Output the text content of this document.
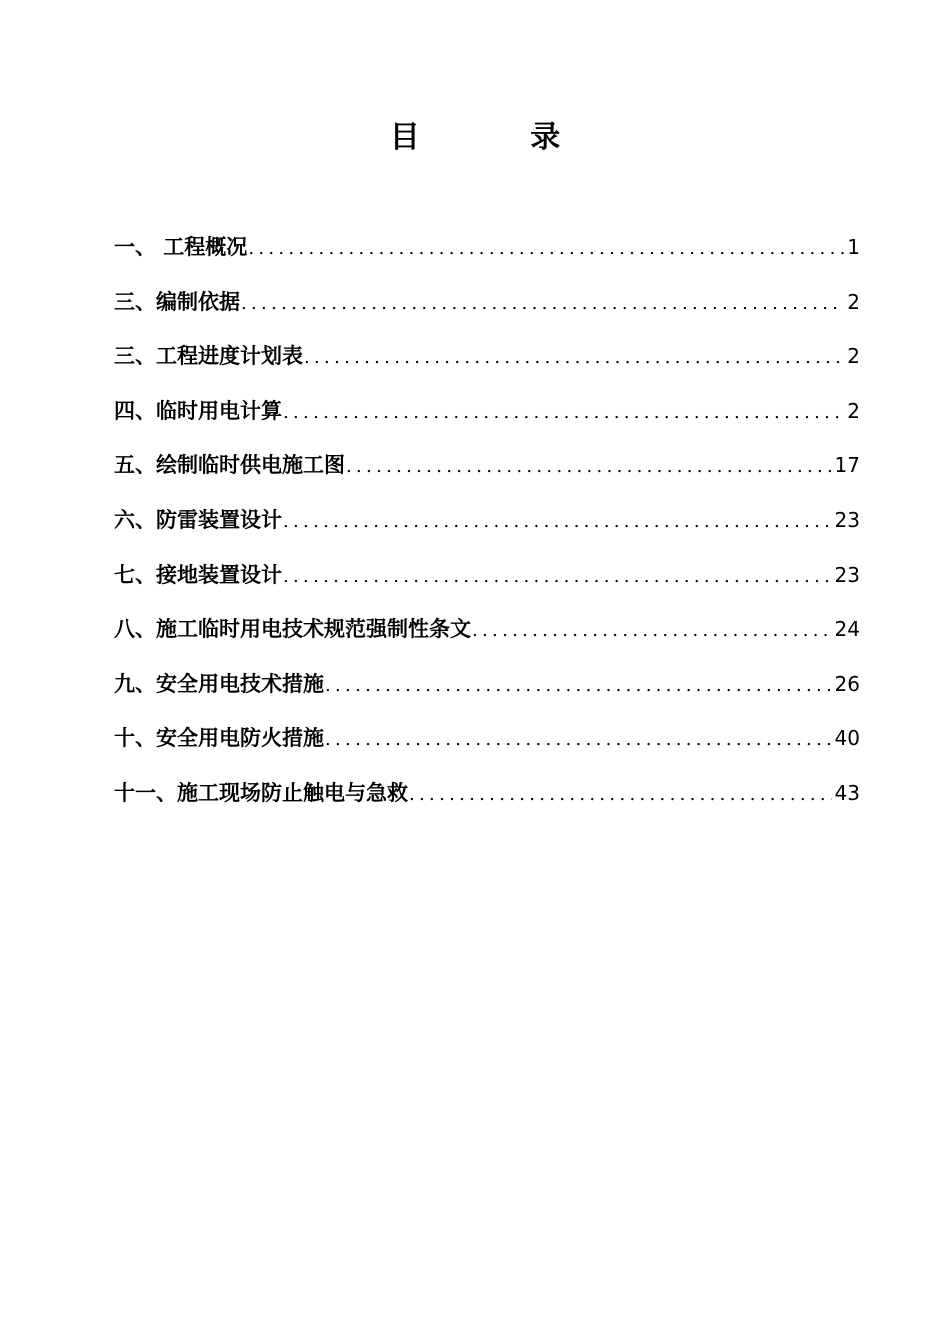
目 录
一、 工程概况 .....	1
三、编制依据 .....	2
三、工程进度计划表 .....	2
四、临时用电计算 .....	2
五、绘制临时供电施工图 .....	17
六、防雷装置设计 .....	23
七、接地装置设计 .....	23
八、施工临时用电技术规范强制性条文 .....	24
九、安全用电技术措施 .....	26
十、安全用电防火措施 .....	40
十一、施工现场防止触电与急救 .....	43
